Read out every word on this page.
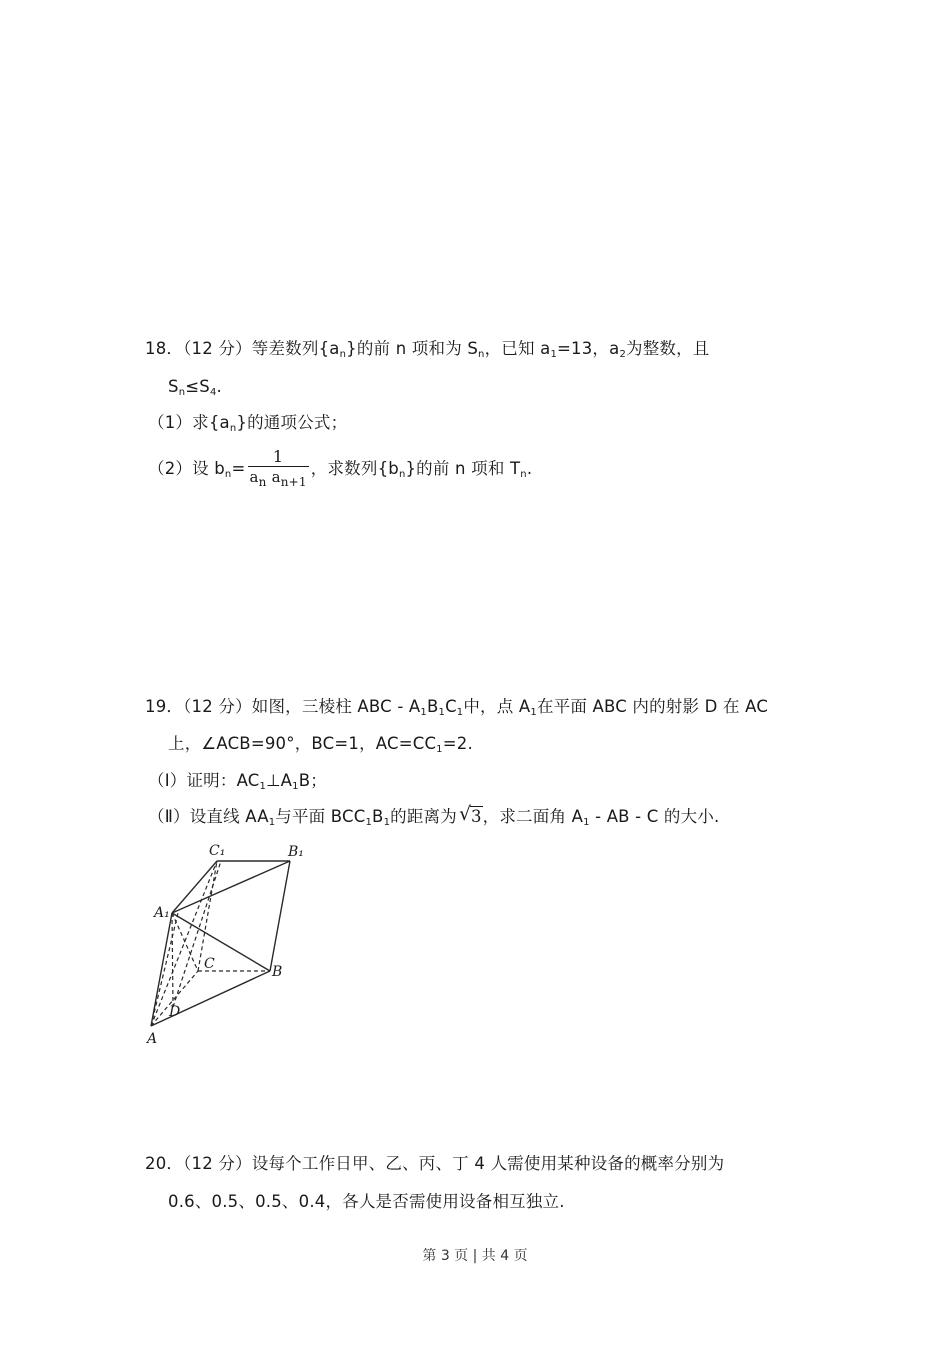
18．（12 分）等差数列$\{a_n\}$的前 n 项和为 $S_n$，已知 $a_1=13$，$a_2$为整数，且
$S_n\le S_4$.
（1）求$\{a_n\}$的通项公式；
（2）设 $b_n= \frac{1}{a_n a_{n+1}}$ ，求数列$\{b_n\}$的前 n 项和 $T_n$.
19．（12 分）如图，三棱柱 ABC - $A_1B_1C_1$中，点 $A_1$在平面 ABC 内的射影 D 在 AC
上，∠ACB=90°，BC=1，$AC=CC_1=2$.
（Ⅰ）证明：$AC_1\perp A_1B$；
（Ⅱ）设直线 $AA_1$与平面 $BCC_1B_1$的距离为 √ 3，求二面角 $A_1$ - AB - C 的大小.
C₁	B₁
A₁
C	B
D
A
20．（12 分）设每个工作日甲、乙、丙、丁 4 人需使用某种设备的概率分别为
0.6、0.5、0.5、0.4，各人是否需使用设备相互独立.
第 3 页 | 共 4 页
